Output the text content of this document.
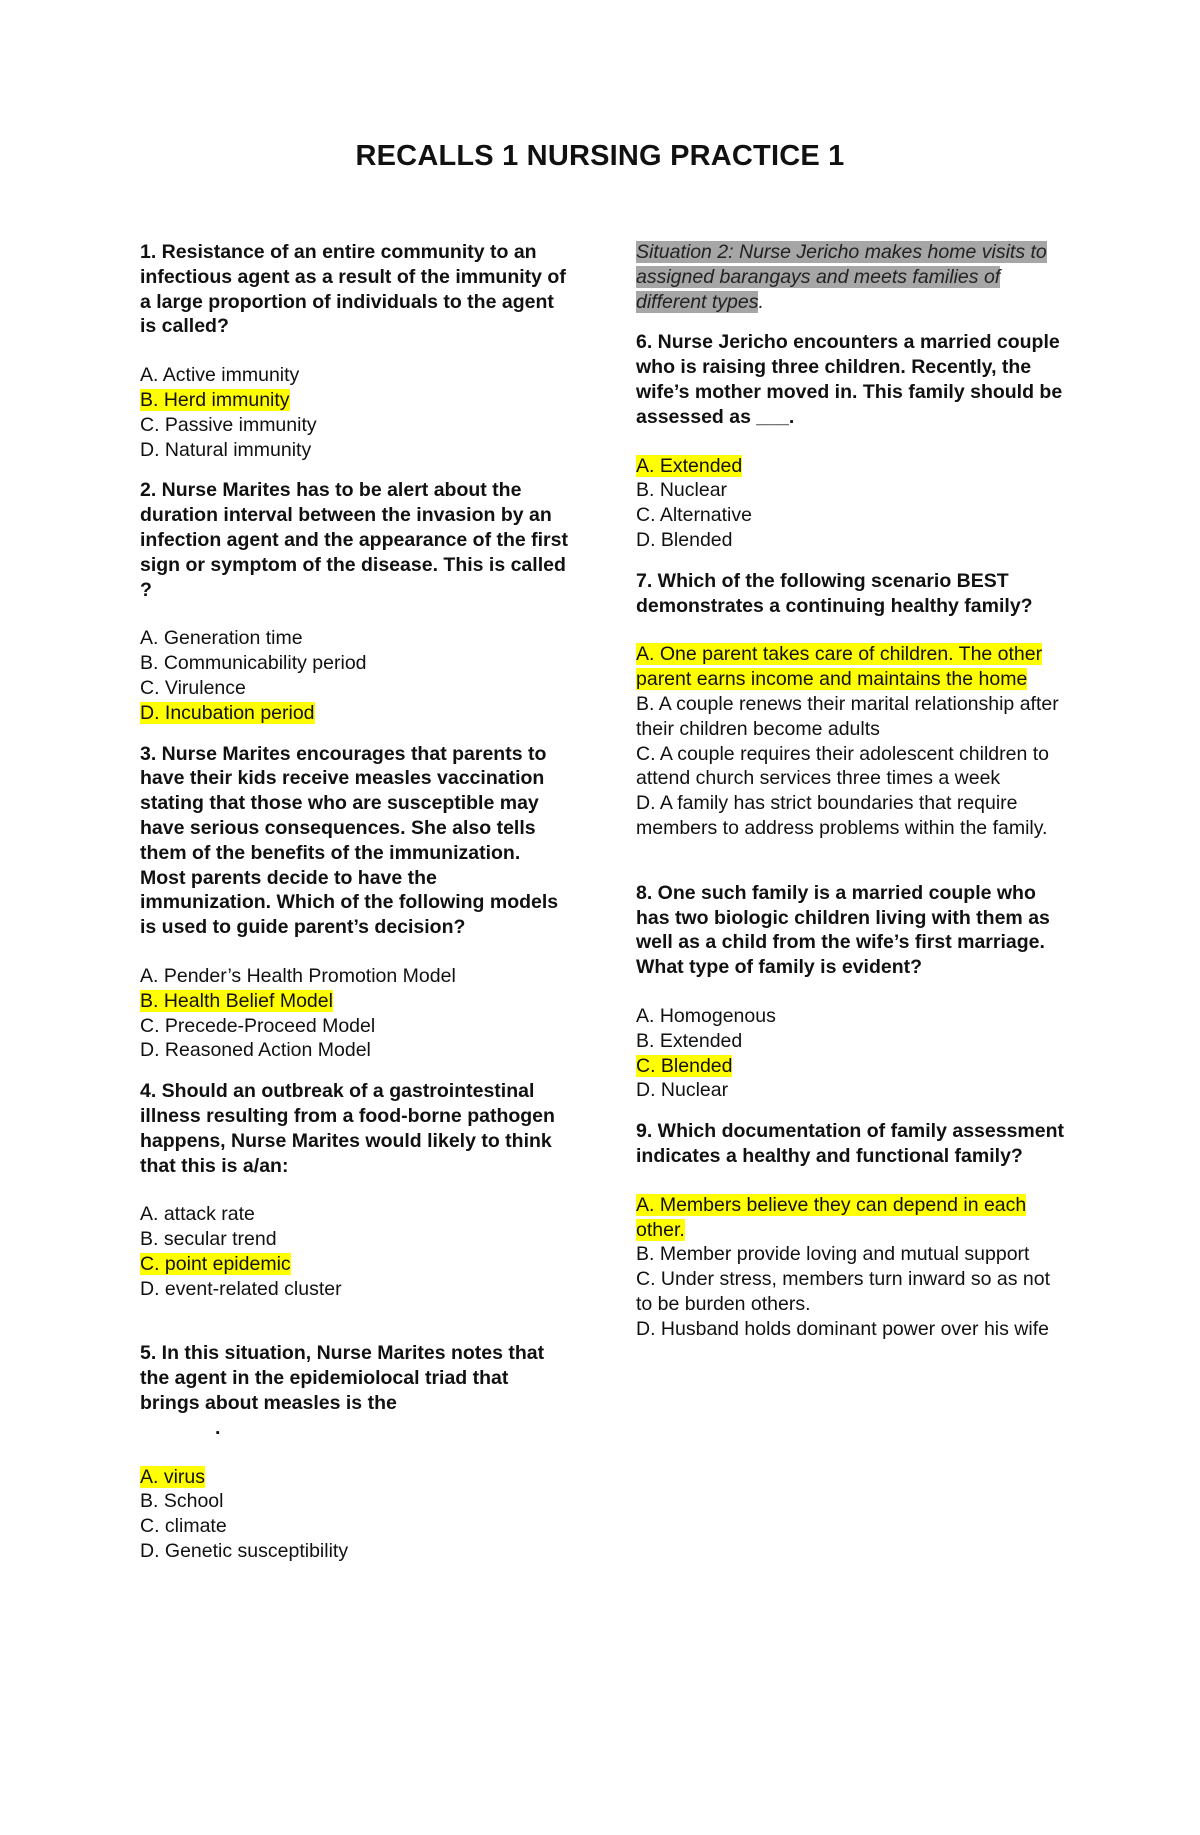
RECALLS 1 NURSING PRACTICE 1

1. Resistance of an entire community to an infectious agent as a result of the immunity of a large proportion of individuals to the agent is called?

A. Active immunity
B. Herd immunity
C. Passive immunity
D. Natural immunity

2. Nurse Marites has to be alert about the duration interval between the invasion by an infection agent and the appearance of the first sign or symptom of the disease. This is called    ?

A. Generation time
B. Communicability period
C. Virulence
D. Incubation period

3. Nurse Marites encourages that parents to have their kids receive measles vaccination stating that those who are susceptible may have serious consequences. She also tells them of the benefits of the immunization. Most parents decide to have the immunization. Which of the following models is used to guide parent’s decision?

A. Pender’s Health Promotion Model
B. Health Belief Model
C. Precede-Proceed Model
D. Reasoned Action Model

4. Should an outbreak of a gastrointestinal illness resulting from a food-borne pathogen happens, Nurse Marites would likely to think that this is a/an:

A. attack rate
B. secular trend
C. point epidemic
D. event-related cluster

5. In this situation, Nurse Marites notes that the agent in the epidemiolocal triad that brings about measles is the

.

A. virus
B. School
C. climate
D. Genetic susceptibility

Situation 2: Nurse Jericho makes home visits to assigned barangays and meets families of different types.

6. Nurse Jericho encounters a married couple who is raising three children. Recently, the wife’s mother moved in. This family should be assessed as ___.

A. Extended
B. Nuclear
C. Alternative
D. Blended

7. Which of the following scenario BEST demonstrates a continuing healthy family?

A. One parent takes care of children. The other parent earns income and maintains the home
B. A couple renews their marital relationship after their children become adults
C. A couple requires their adolescent children to attend church services three times a week
D. A family has strict boundaries that require members to address problems within the family.

8. One such family is a married couple who has two biologic children living with them as well as a child from the wife’s first marriage. What type of family is evident?

A. Homogenous
B. Extended
C. Blended
D. Nuclear

9. Which documentation of family assessment indicates a healthy and functional family?

A. Members believe they can depend in each other.
B. Member provide loving and mutual support
C. Under stress, members turn inward so as not to be burden others.
D. Husband holds dominant power over his wife
